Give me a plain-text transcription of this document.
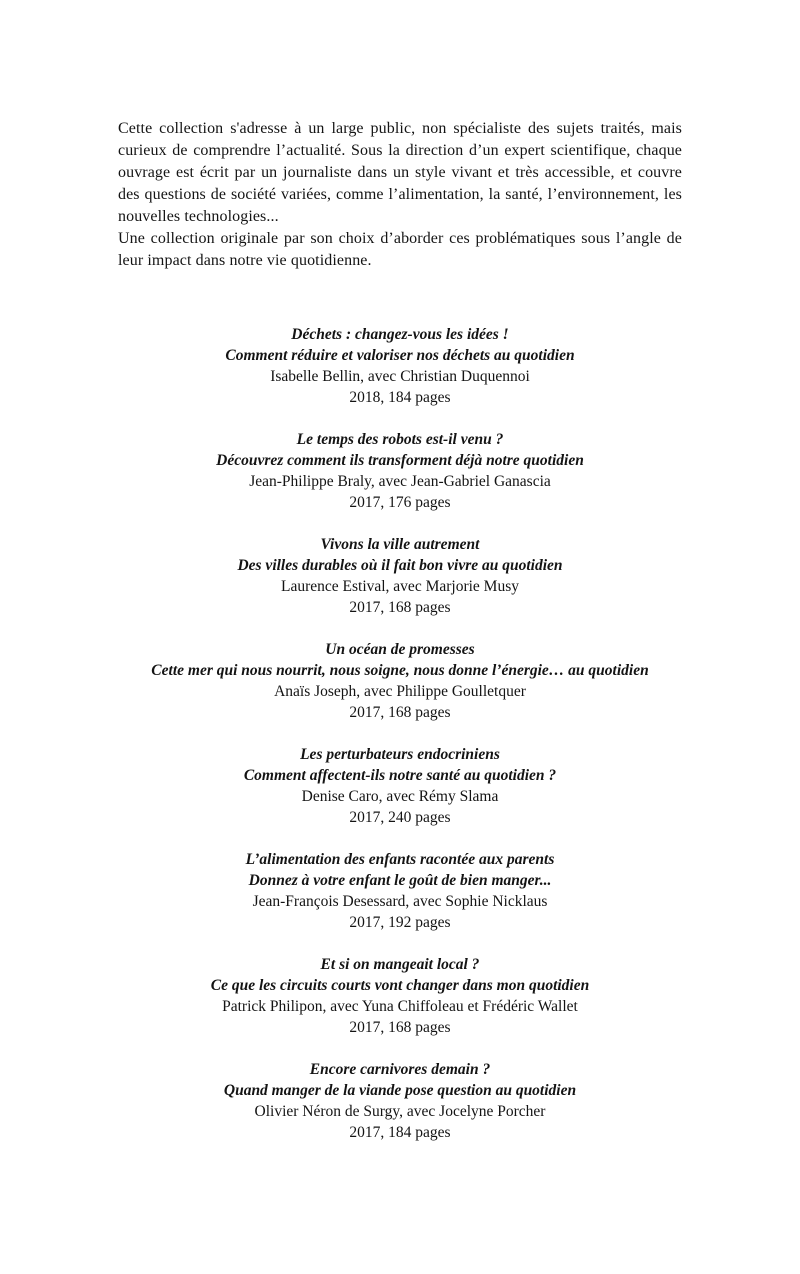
Cette collection s'adresse à un large public, non spécialiste des sujets traités, mais curieux de comprendre l’actualité. Sous la direction d’un expert scientifique, chaque ouvrage est écrit par un journaliste dans un style vivant et très accessible, et couvre des questions de société variées, comme l’alimentation, la santé, l’environnement, les nouvelles technologies...

Une collection originale par son choix d’aborder ces problématiques sous l’angle de leur impact dans notre vie quotidienne.

Déchets : changez-vous les idées !
Comment réduire et valoriser nos déchets au quotidien
Isabelle Bellin, avec Christian Duquennoi
2018, 184 pages
Le temps des robots est-il venu ?
Découvrez comment ils transforment déjà notre quotidien
Jean-Philippe Braly, avec Jean-Gabriel Ganascia
2017, 176 pages
Vivons la ville autrement
Des villes durables où il fait bon vivre au quotidien
Laurence Estival, avec Marjorie Musy
2017, 168 pages
Un océan de promesses
Cette mer qui nous nourrit, nous soigne, nous donne l’énergie… au quotidien
Anaïs Joseph, avec Philippe Goulletquer
2017, 168 pages
Les perturbateurs endocriniens
Comment affectent-ils notre santé au quotidien ?
Denise Caro, avec Rémy Slama
2017, 240 pages
L’alimentation des enfants racontée aux parents
Donnez à votre enfant le goût de bien manger...
Jean-François Desessard, avec Sophie Nicklaus
2017, 192 pages
Et si on mangeait local ?
Ce que les circuits courts vont changer dans mon quotidien
Patrick Philipon, avec Yuna Chiffoleau et Frédéric Wallet
2017, 168 pages
Encore carnivores demain ?
Quand manger de la viande pose question au quotidien
Olivier Néron de Surgy, avec Jocelyne Porcher
2017, 184 pages
